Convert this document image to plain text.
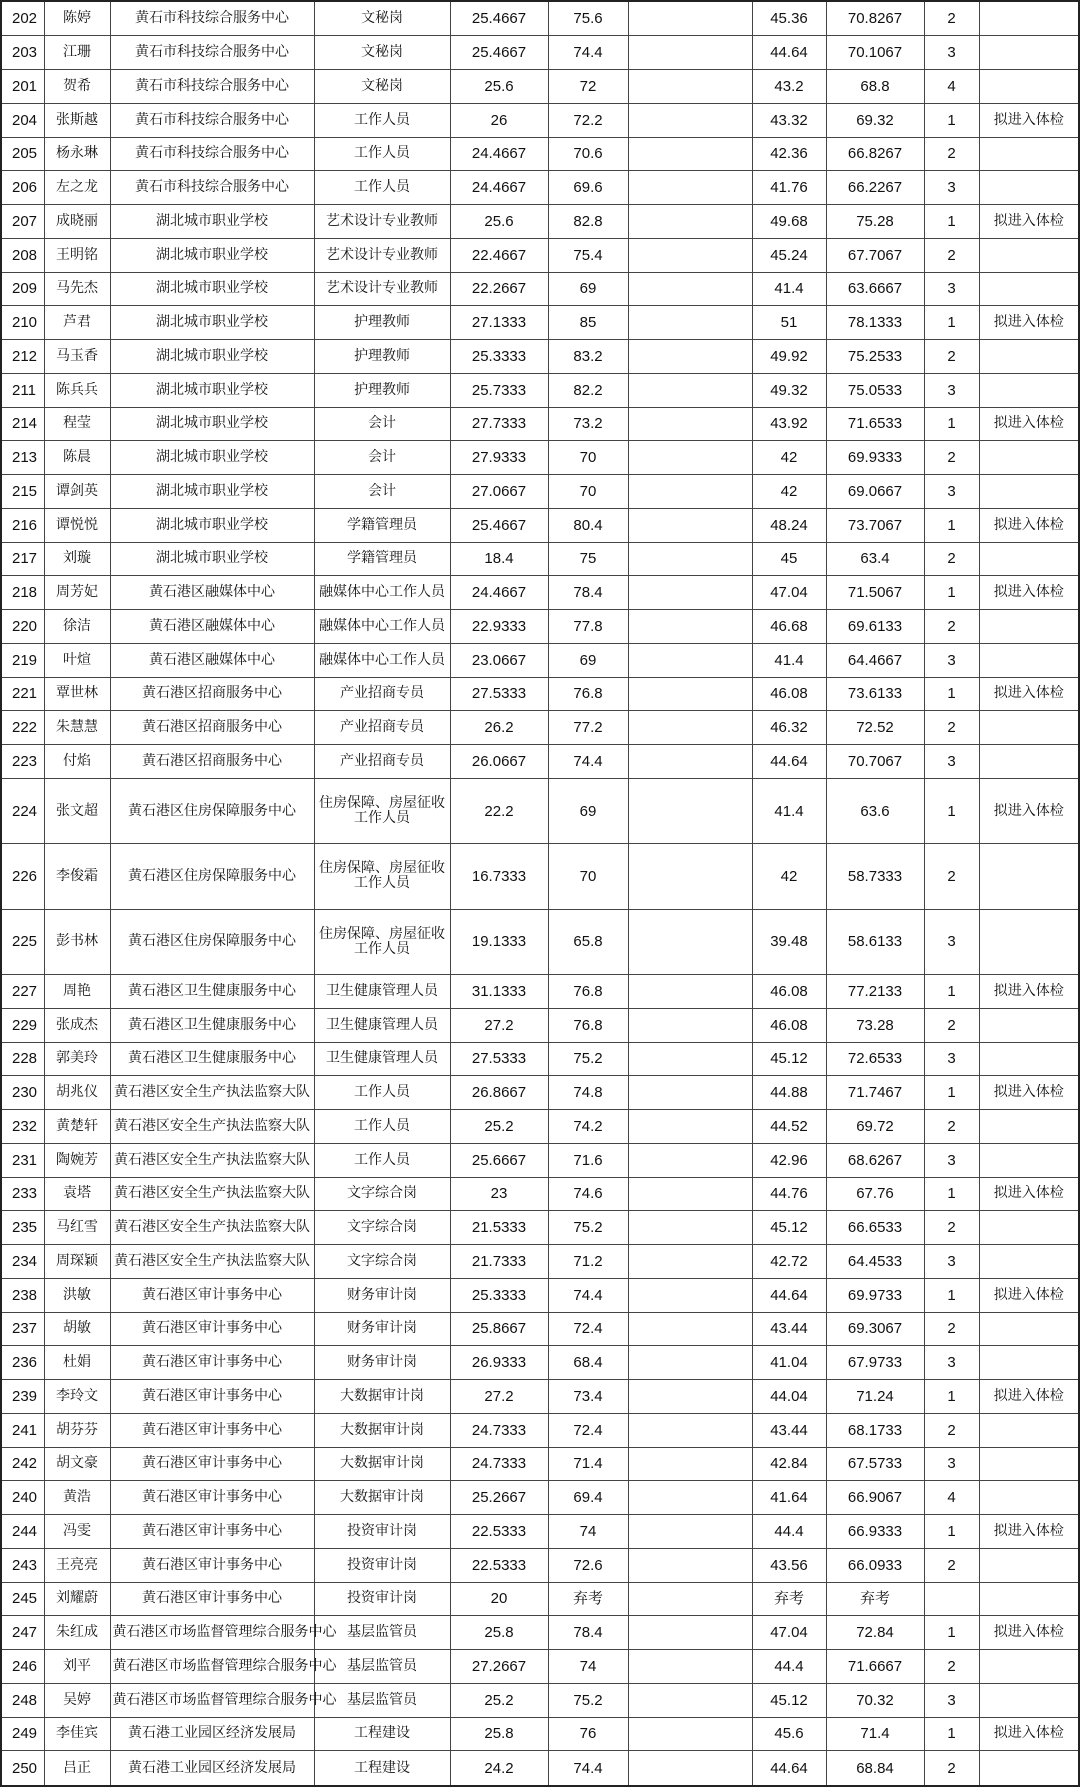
202	陈婷	黄石市科技综合服务中心	文秘岗	25.4667	75.6		45.36	70.8267	2	
203	江珊	黄石市科技综合服务中心	文秘岗	25.4667	74.4		44.64	70.1067	3	
201	贺希	黄石市科技综合服务中心	文秘岗	25.6	72		43.2	68.8	4	
204	张斯越	黄石市科技综合服务中心	工作人员	26	72.2		43.32	69.32	1	拟进入体检
205	杨永琳	黄石市科技综合服务中心	工作人员	24.4667	70.6		42.36	66.8267	2	
206	左之龙	黄石市科技综合服务中心	工作人员	24.4667	69.6		41.76	66.2267	3	
207	成晓丽	湖北城市职业学校	艺术设计专业教师	25.6	82.8		49.68	75.28	1	拟进入体检
208	王明铭	湖北城市职业学校	艺术设计专业教师	22.4667	75.4		45.24	67.7067	2	
209	马先杰	湖北城市职业学校	艺术设计专业教师	22.2667	69		41.4	63.6667	3	
210	芦君	湖北城市职业学校	护理教师	27.1333	85		51	78.1333	1	拟进入体检
212	马玉香	湖北城市职业学校	护理教师	25.3333	83.2		49.92	75.2533	2	
211	陈兵兵	湖北城市职业学校	护理教师	25.7333	82.2		49.32	75.0533	3	
214	程莹	湖北城市职业学校	会计	27.7333	73.2		43.92	71.6533	1	拟进入体检
213	陈晨	湖北城市职业学校	会计	27.9333	70		42	69.9333	2	
215	谭剑英	湖北城市职业学校	会计	27.0667	70		42	69.0667	3	
216	谭悦悦	湖北城市职业学校	学籍管理员	25.4667	80.4		48.24	73.7067	1	拟进入体检
217	刘璇	湖北城市职业学校	学籍管理员	18.4	75		45	63.4	2	
218	周芳妃	黄石港区融媒体中心	融媒体中心工作人员	24.4667	78.4		47.04	71.5067	1	拟进入体检
220	徐洁	黄石港区融媒体中心	融媒体中心工作人员	22.9333	77.8		46.68	69.6133	2	
219	叶煊	黄石港区融媒体中心	融媒体中心工作人员	23.0667	69		41.4	64.4667	3	
221	覃世林	黄石港区招商服务中心	产业招商专员	27.5333	76.8		46.08	73.6133	1	拟进入体检
222	朱慧慧	黄石港区招商服务中心	产业招商专员	26.2	77.2		46.32	72.52	2	
223	付焰	黄石港区招商服务中心	产业招商专员	26.0667	74.4		44.64	70.7067	3	
224	张文超	黄石港区住房保障服务中心	住房保障、房屋征收工作人员	22.2	69		41.4	63.6	1	拟进入体检
226	李俊霜	黄石港区住房保障服务中心	住房保障、房屋征收工作人员	16.7333	70		42	58.7333	2	
225	彭书林	黄石港区住房保障服务中心	住房保障、房屋征收工作人员	19.1333	65.8		39.48	58.6133	3	
227	周艳	黄石港区卫生健康服务中心	卫生健康管理人员	31.1333	76.8		46.08	77.2133	1	拟进入体检
229	张成杰	黄石港区卫生健康服务中心	卫生健康管理人员	27.2	76.8		46.08	73.28	2	
228	郭美玲	黄石港区卫生健康服务中心	卫生健康管理人员	27.5333	75.2		45.12	72.6533	3	
230	胡兆仪	黄石港区安全生产执法监察大队	工作人员	26.8667	74.8		44.88	71.7467	1	拟进入体检
232	黄楚轩	黄石港区安全生产执法监察大队	工作人员	25.2	74.2		44.52	69.72	2	
231	陶婉芳	黄石港区安全生产执法监察大队	工作人员	25.6667	71.6		42.96	68.6267	3	
233	袁塔	黄石港区安全生产执法监察大队	文字综合岗	23	74.6		44.76	67.76	1	拟进入体检
235	马红雪	黄石港区安全生产执法监察大队	文字综合岗	21.5333	75.2		45.12	66.6533	2	
234	周琛颖	黄石港区安全生产执法监察大队	文字综合岗	21.7333	71.2		42.72	64.4533	3	
238	洪敏	黄石港区审计事务中心	财务审计岗	25.3333	74.4		44.64	69.9733	1	拟进入体检
237	胡敏	黄石港区审计事务中心	财务审计岗	25.8667	72.4		43.44	69.3067	2	
236	杜娟	黄石港区审计事务中心	财务审计岗	26.9333	68.4		41.04	67.9733	3	
239	李玲文	黄石港区审计事务中心	大数据审计岗	27.2	73.4		44.04	71.24	1	拟进入体检
241	胡芬芬	黄石港区审计事务中心	大数据审计岗	24.7333	72.4		43.44	68.1733	2	
242	胡文豪	黄石港区审计事务中心	大数据审计岗	24.7333	71.4		42.84	67.5733	3	
240	黄浩	黄石港区审计事务中心	大数据审计岗	25.2667	69.4		41.64	66.9067	4	
244	冯雯	黄石港区审计事务中心	投资审计岗	22.5333	74		44.4	66.9333	1	拟进入体检
243	王亮亮	黄石港区审计事务中心	投资审计岗	22.5333	72.6		43.56	66.0933	2	
245	刘耀蔚	黄石港区审计事务中心	投资审计岗	20	弃考		弃考	弃考		
247	朱红成	黄石港区市场监督管理综合服务中心	基层监管员	25.8	78.4		47.04	72.84	1	拟进入体检
246	刘平	黄石港区市场监督管理综合服务中心	基层监管员	27.2667	74		44.4	71.6667	2	
248	吴婷	黄石港区市场监督管理综合服务中心	基层监管员	25.2	75.2		45.12	70.32	3	
249	李佳宾	黄石港工业园区经济发展局	工程建设	25.8	76		45.6	71.4	1	拟进入体检
250	吕正	黄石港工业园区经济发展局	工程建设	24.2	74.4		44.64	68.84	2	
